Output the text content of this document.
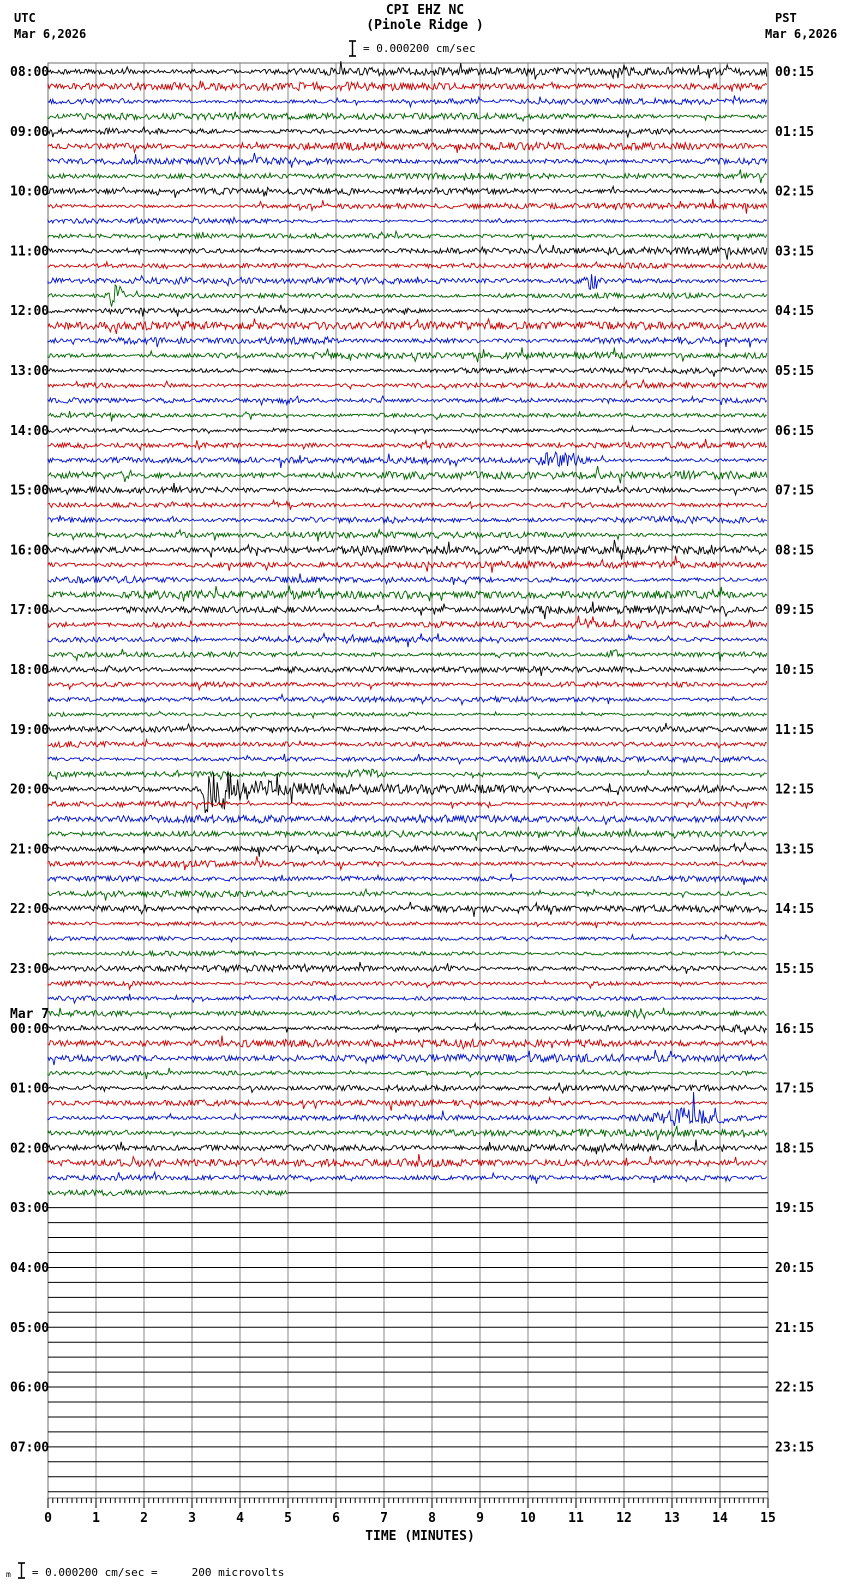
CPI EHZ NC
(Pinole Ridge )
UTC
Mar 6,2026
PST
Mar 6,2026
= 0.000200 cm/sec
08:00	00:15
09:00	01:15
10:00	02:15
11:00	03:15
12:00	04:15
13:00	05:15
14:00	06:15
15:00	07:15
16:00	08:15
17:00	09:15
18:00	10:15
19:00	11:15
20:00	12:15
21:00	13:15
22:00	14:15
23:00	15:15
00:00	16:15
01:00	17:15
02:00	18:15
03:00	19:15
04:00	20:15
05:00	21:15
06:00	22:15
07:00	23:15
Mar 7
0	1	2	3	4	5	6	7	8	9	10 11 12 13 14 15
TIME (MINUTES)
m = 0.000200 cm/sec =	200 microvolts
